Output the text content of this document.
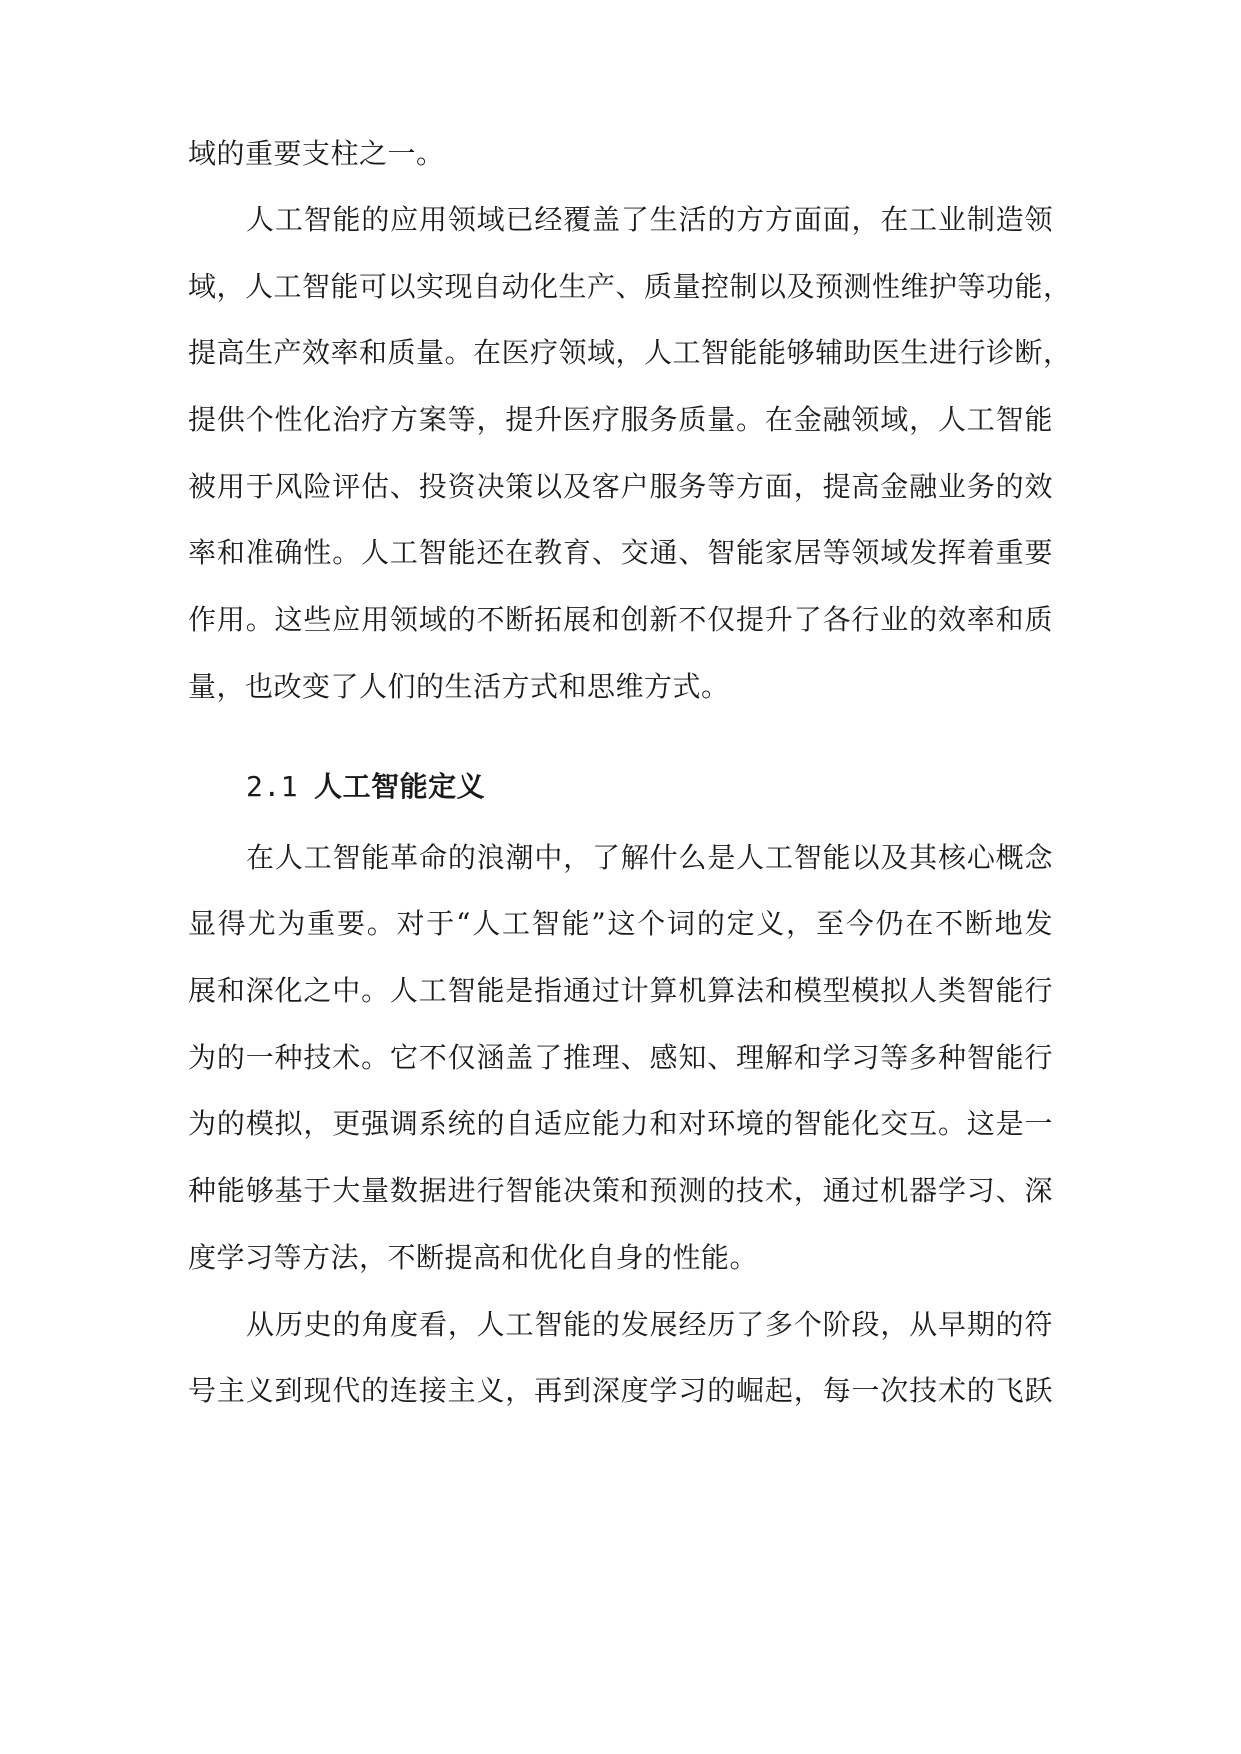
域的重要支柱之一。
人工智能的应用领域已经覆盖了生活的方方面面，在工业制造领
域，人工智能可以实现自动化生产、质量控制以及预测性维护等功能，
提高生产效率和质量。在医疗领域，人工智能能够辅助医生进行诊断，
提供个性化治疗方案等，提升医疗服务质量。在金融领域，人工智能
被用于风险评估、投资决策以及客户服务等方面，提高金融业务的效
率和准确性。人工智能还在教育、交通、智能家居等领域发挥着重要
作用。这些应用领域的不断拓展和创新不仅提升了各行业的效率和质
量，也改变了人们的生活方式和思维方式。
2.1 人工智能定义
在人工智能革命的浪潮中，了解什么是人工智能以及其核心概念
显得尤为重要。对于“人工智能”这个词的定义，至今仍在不断地发
展和深化之中。人工智能是指通过计算机算法和模型模拟人类智能行
为的一种技术。它不仅涵盖了推理、感知、理解和学习等多种智能行
为的模拟，更强调系统的自适应能力和对环境的智能化交互。这是一
种能够基于大量数据进行智能决策和预测的技术，通过机器学习、深
度学习等方法，不断提高和优化自身的性能。
从历史的角度看，人工智能的发展经历了多个阶段，从早期的符
号主义到现代的连接主义，再到深度学习的崛起，每一次技术的飞跃
